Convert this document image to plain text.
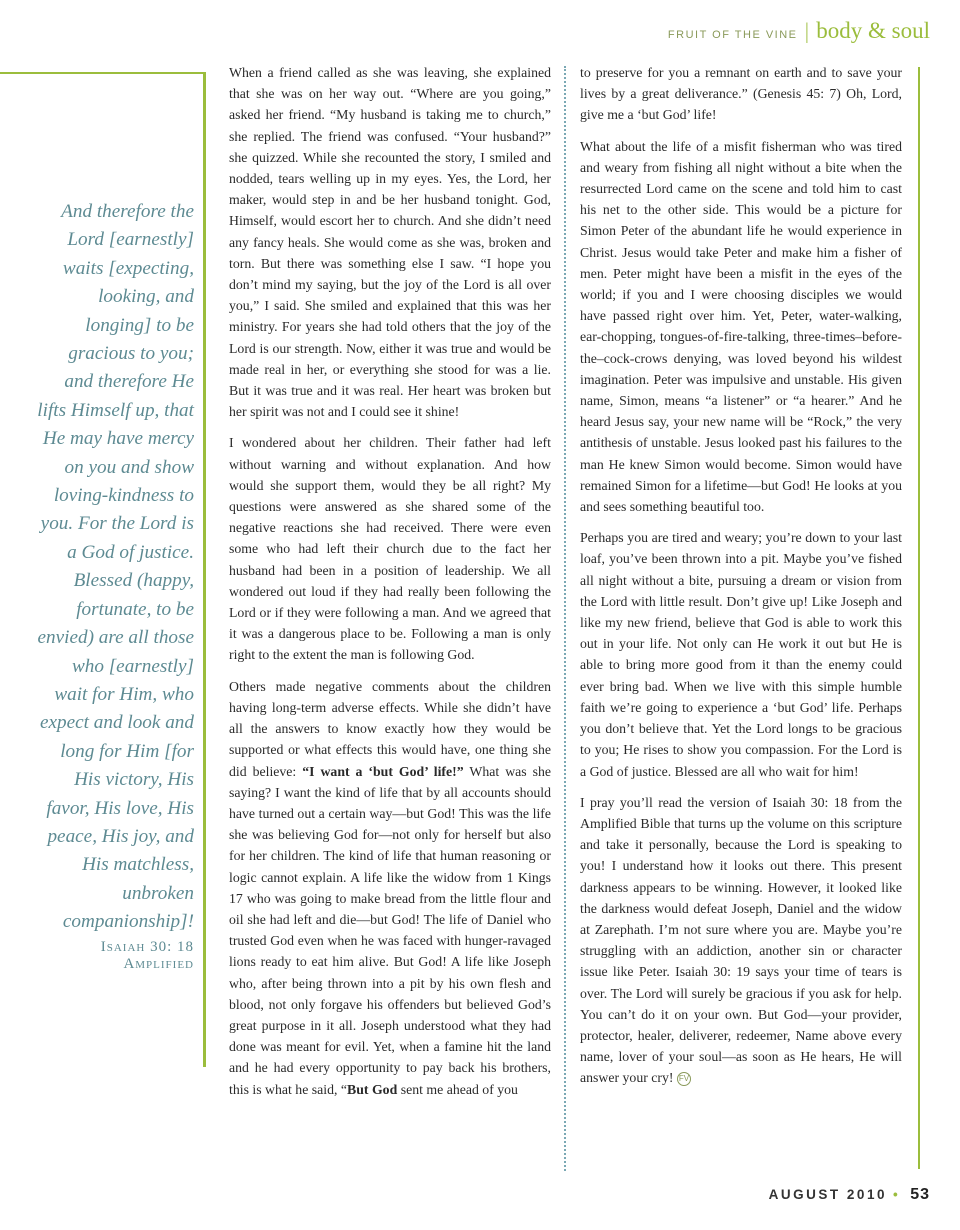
FRUIT OF THE VINE | body & soul
And therefore the Lord [earnestly] waits [expecting, looking, and longing] to be gracious to you; and therefore He lifts Himself up, that He may have mercy on you and show loving-kindness to you. For the Lord is a God of justice. Blessed (happy, fortunate, to be envied) are all those who [earnestly] wait for Him, who expect and look and long for Him [for His victory, His favor, His love, His peace, His joy, and His matchless, unbroken companionship]!
Isaiah 30: 18
Amplified

When a friend called as she was leaving, she explained that she was on her way out. “Where are you going,” asked her friend. “My husband is taking me to church,” she replied. The friend was confused. “Your husband?” she quizzed. While she recounted the story, I smiled and nodded, tears welling up in my eyes. Yes, the Lord, her maker, would step in and be her husband tonight. God, Himself, would escort her to church. And she didn’t need any fancy heals. She would come as she was, broken and torn. But there was something else I saw. “I hope you don’t mind my saying, but the joy of the Lord is all over you,” I said. She smiled and explained that this was her ministry. For years she had told others that the joy of the Lord is our strength. Now, either it was true and would be made real in her, or everything she stood for was a lie. But it was true and it was real. Her heart was broken but her spirit was not and I could see it shine!

I wondered about her children. Their father had left without warning and without explanation. And how would she support them, would they be all right? My questions were answered as she shared some of the negative reactions she had received. There were even some who had left their church due to the fact her husband had been in a position of leadership. We all wondered out loud if they had really been following the Lord or if they were following a man. And we agreed that it was a dangerous place to be. Following a man is only right to the extent the man is following God.

Others made negative comments about the children having long-term adverse effects. While she didn’t have all the answers to know exactly how they would be supported or what effects this would have, one thing she did believe: “I want a ‘but God’ life!” What was she saying? I want the kind of life that by all accounts should have turned out a certain way—but God! This was the life she was believing God for—not only for herself but also for her children. The kind of life that human reasoning or logic cannot explain. A life like the widow from 1 Kings 17 who was going to make bread from the little flour and oil she had left and die—but God! The life of Daniel who trusted God even when he was faced with hunger-ravaged lions ready to eat him alive. But God! A life like Joseph who, after being thrown into a pit by his own flesh and blood, not only forgave his offenders but believed God’s great purpose in it all. Joseph understood what they had done was meant for evil. Yet, when a famine hit the land and he had every opportunity to pay back his brothers, this is what he said, “But God sent me ahead of you

to preserve for you a remnant on earth and to save your lives by a great deliverance.” (Genesis 45: 7) Oh, Lord, give me a ‘but God’ life!

What about the life of a misfit fisherman who was tired and weary from fishing all night without a bite when the resurrected Lord came on the scene and told him to cast his net to the other side. This would be a picture for Simon Peter of the abundant life he would experience in Christ. Jesus would take Peter and make him a fisher of men. Peter might have been a misfit in the eyes of the world; if you and I were choosing disciples we would have passed right over him. Yet, Peter, water-walking, ear-chopping, tongues-of-fire-talking, three-times–before-the–cock-crows denying, was loved beyond his wildest imagination. Peter was impulsive and unstable. His given name, Simon, means “a listener” or “a hearer.” And he heard Jesus say, your new name will be “Rock,” the very antithesis of unstable. Jesus looked past his failures to the man He knew Simon would become. Simon would have remained Simon for a lifetime—but God! He looks at you and sees something beautiful too.

Perhaps you are tired and weary; you’re down to your last loaf, you’ve been thrown into a pit. Maybe you’ve fished all night without a bite, pursuing a dream or vision from the Lord with little result. Don’t give up! Like Joseph and like my new friend, believe that God is able to work this out in your life. Not only can He work it out but He is able to bring more good from it than the enemy could ever bring bad. When we live with this simple humble faith we’re going to experience a ‘but God’ life. Perhaps you don’t believe that. Yet the Lord longs to be gracious to you; He rises to show you compassion. For the Lord is a God of justice. Blessed are all who wait for him!

I pray you’ll read the version of Isaiah 30: 18 from the Amplified Bible that turns up the volume on this scripture and take it personally, because the Lord is speaking to you! I understand how it looks out there. This present darkness appears to be winning. However, it looked like the darkness would defeat Joseph, Daniel and the widow at Zarephath. I’m not sure where you are. Maybe you’re struggling with an addiction, another sin or character issue like Peter. Isaiah 30: 19 says your time of tears is over. The Lord will surely be gracious if you ask for help. You can’t do it on your own. But God—your provider, protector, healer, deliverer, redeemer, Name above every name, lover of your soul—as soon as He hears, He will answer your cry! FV

AUGUST 2010 • 53
